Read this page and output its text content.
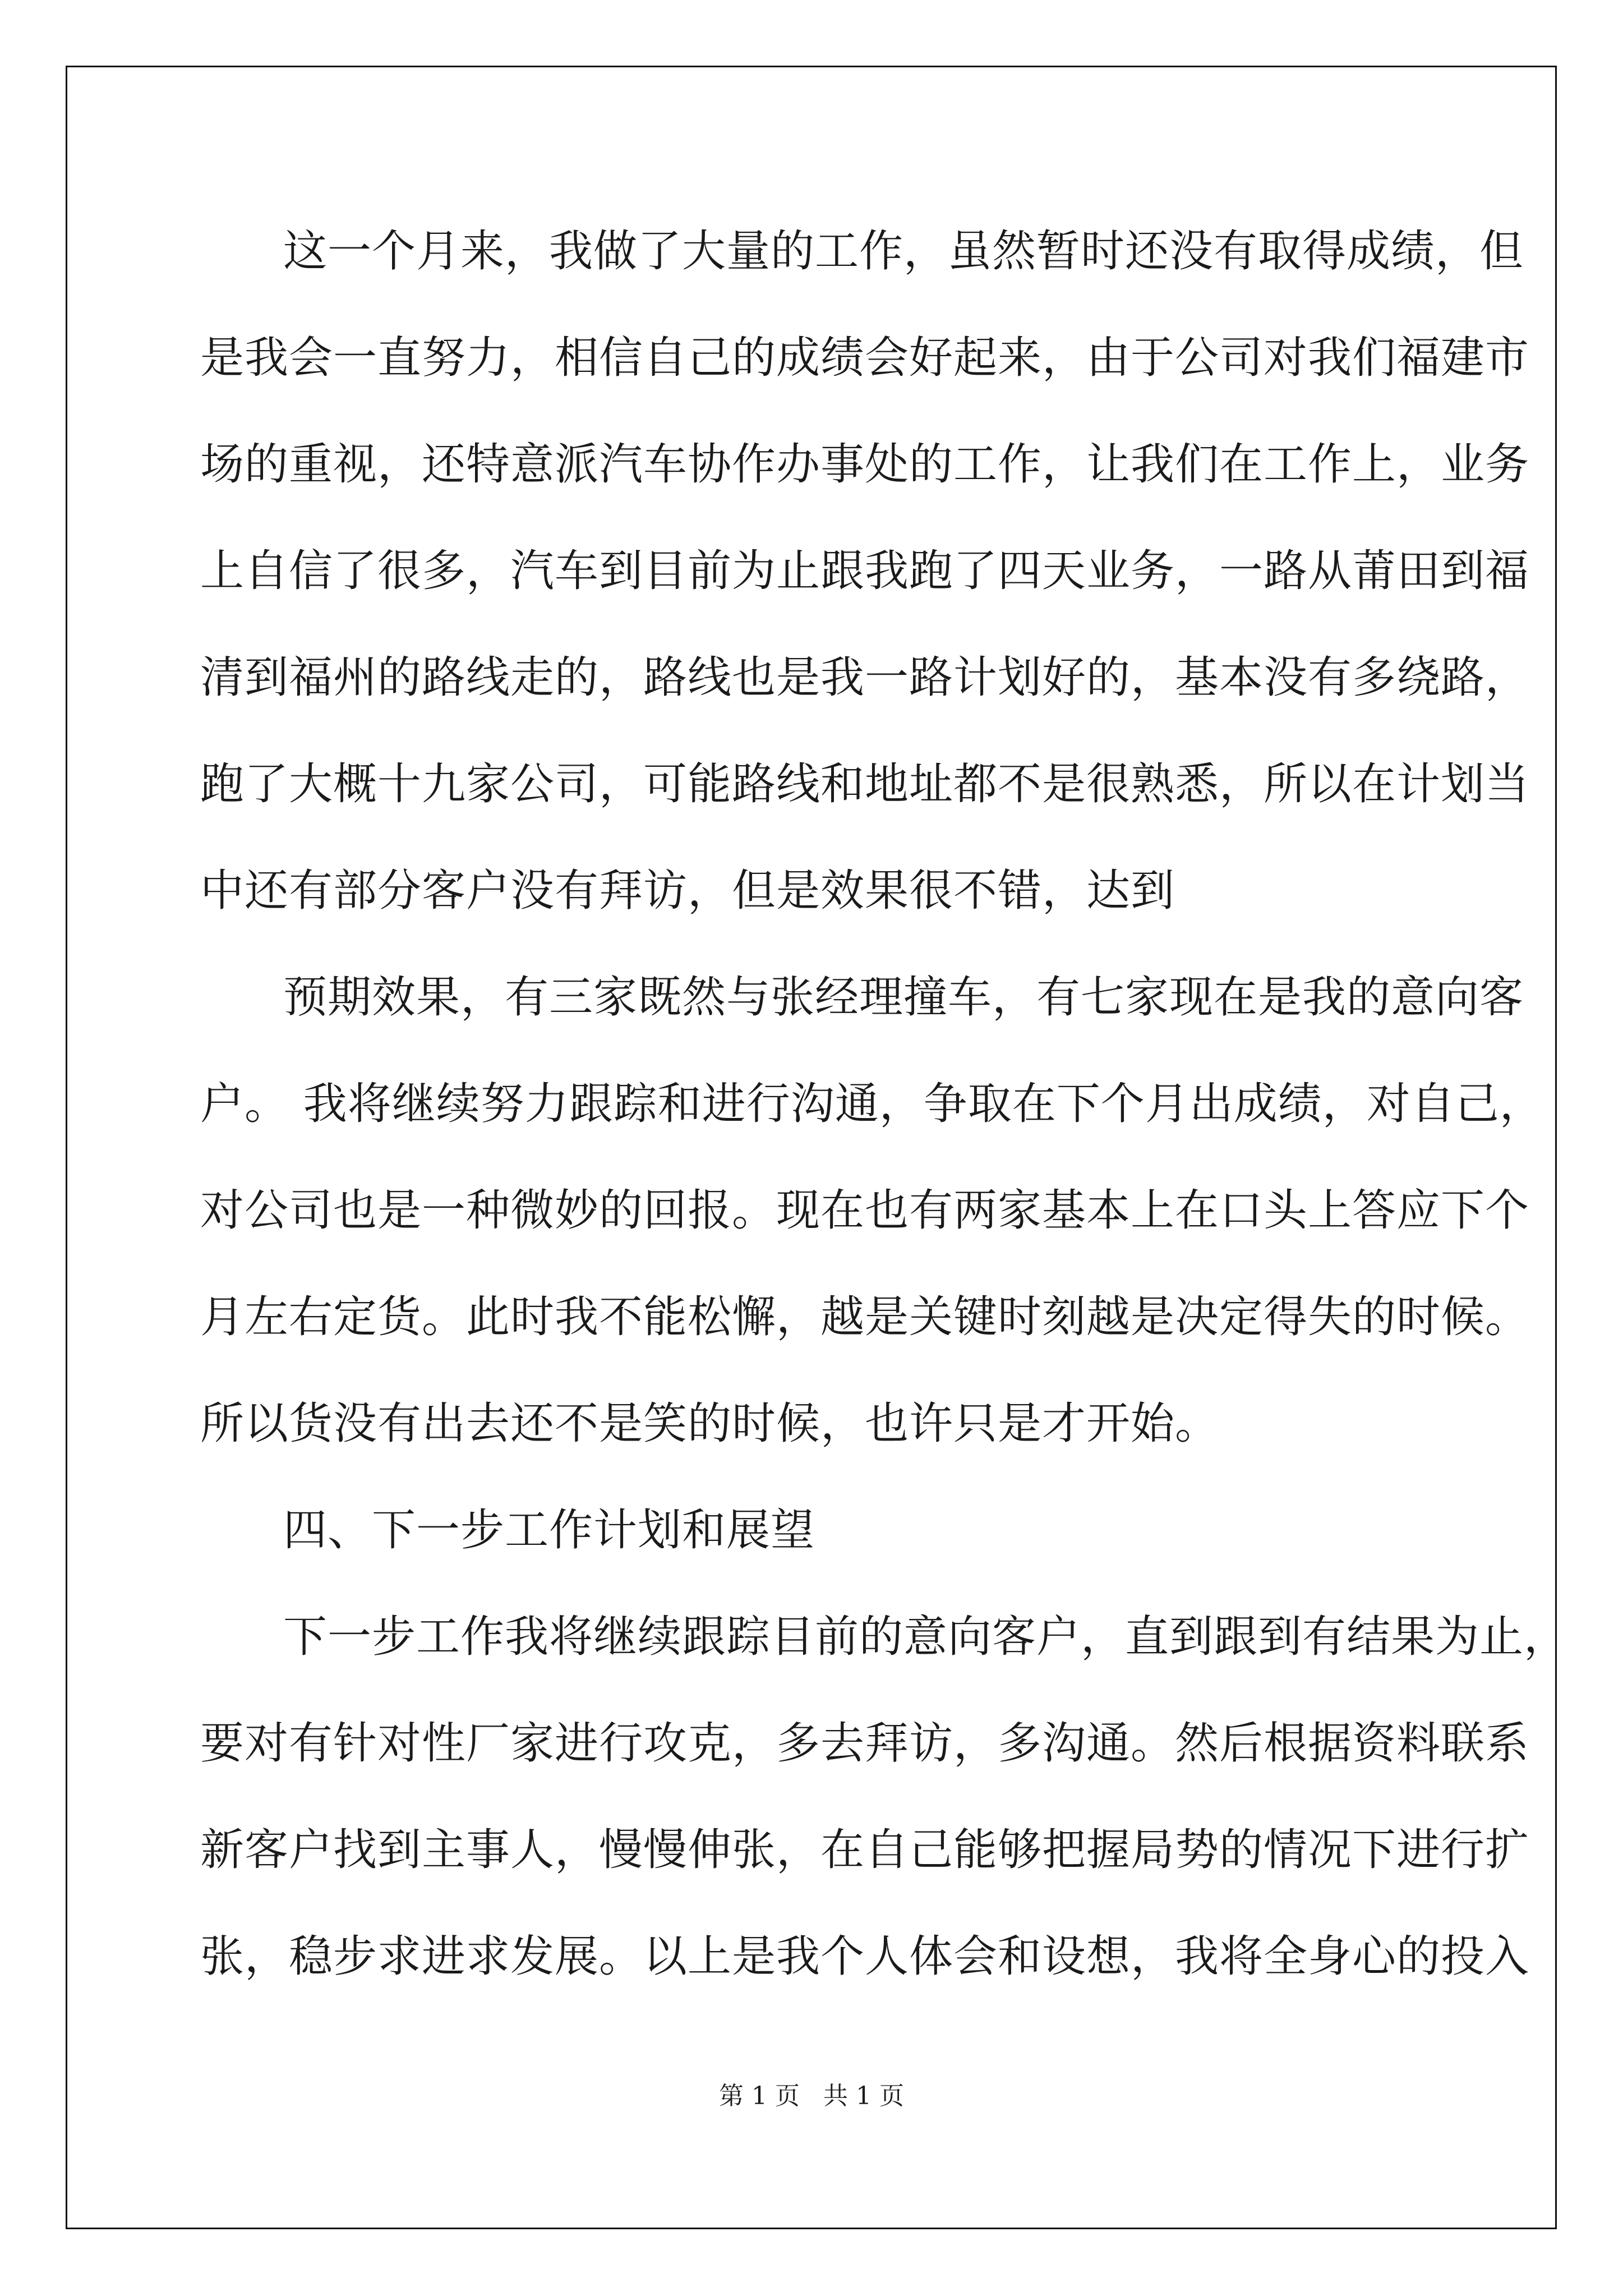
这一个月来，我做了大量的工作，虽然暂时还没有取得成绩，但
是我会一直努力，相信自己的成绩会好起来，由于公司对我们福建市
场的重视，还特意派汽车协作办事处的工作，让我们在工作上，业务
上自信了很多，汽车到目前为止跟我跑了四天业务，一路从莆田到福
清到福州的路线走的，路线也是我一路计划好的，基本没有多绕路，
跑了大概十九家公司，可能路线和地址都不是很熟悉，所以在计划当
中还有部分客户没有拜访，但是效果很不错，达到
预期效果，有三家既然与张经理撞车，有七家现在是我的意向客
户。 我将继续努力跟踪和进行沟通，争取在下个月出成绩，对自己，
对公司也是一种微妙的回报。现在也有两家基本上在口头上答应下个
月左右定货。此时我不能松懈，越是关键时刻越是决定得失的时候。
所以货没有出去还不是笑的时候，也许只是才开始。
四、下一步工作计划和展望
下一步工作我将继续跟踪目前的意向客户，直到跟到有结果为止，
要对有针对性厂家进行攻克，多去拜访，多沟通。然后根据资料联系
新客户找到主事人，慢慢伸张，在自己能够把握局势的情况下进行扩
张，稳步求进求发展。以上是我个人体会和设想，我将全身心的投入
第 1 页   共 1 页
